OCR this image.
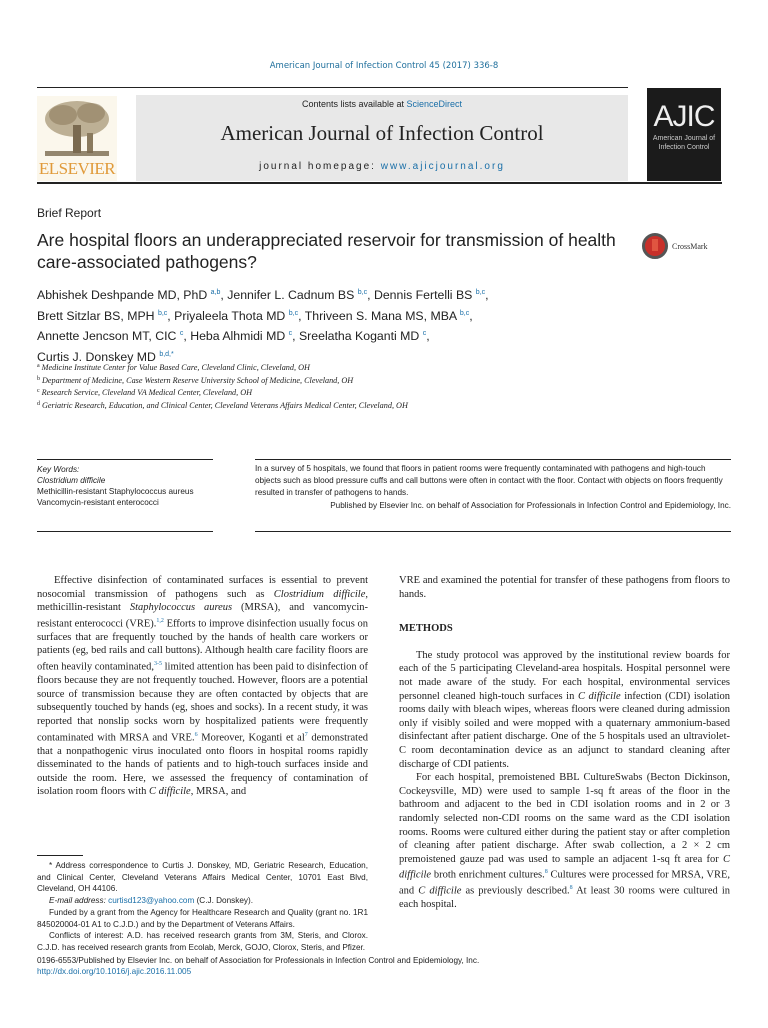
American Journal of Infection Control 45 (2017) 336-8
ELSEVIER
Contents lists available at ScienceDirect
American Journal of Infection Control
journal homepage: www.ajicjournal.org
AJIC
American Journal of
Infection Control
Brief Report
Are hospital floors an underappreciated reservoir for transmission of health care-associated pathogens?
CrossMark
Abhishek Deshpande MD, PhD $^{a,b}$, Jennifer L. Cadnum BS $^{b,c}$, Dennis Fertelli BS $^{b,c}$,
Brett Sitzlar BS, MPH $^{b,c}$, Priyaleela Thota MD $^{b,c}$, Thriveen S. Mana MS, MBA $^{b,c}$,
Annette Jencson MT, CIC $^c$, Heba Alhmidi MD $^c$, Sreelatha Koganti MD $^c$,
Curtis J. Donskey MD $^{b,d,*}$
$^a$ Medicine Institute Center for Value Based Care, Cleveland Clinic, Cleveland, OH
$^b$ Department of Medicine, Case Western Reserve University School of Medicine, Cleveland, OH
$^c$ Research Service, Cleveland VA Medical Center, Cleveland, OH
$^d$ Geriatric Research, Education, and Clinical Center, Cleveland Veterans Affairs Medical Center, Cleveland, OH
Key Words:
Clostridium difficile
Methicillin-resistant Staphylococcus aureus
Vancomycin-resistant enterococci

In a survey of 5 hospitals, we found that floors in patient rooms were frequently contaminated with pathogens and high-touch objects such as blood pressure cuffs and call buttons were often in contact with the floor. Contact with objects on floors frequently resulted in transfer of pathogens to hands.

Published by Elsevier Inc. on behalf of Association for Professionals in Infection Control and Epidemiology, Inc.

Effective disinfection of contaminated surfaces is essential to prevent nosocomial transmission of pathogens such as Clostridium difficile, methicillin-resistant Staphylococcus aureus (MRSA), and vancomycin-resistant enterococci (VRE).$^{1,2}$ Efforts to improve disinfection usually focus on surfaces that are frequently touched by the hands of health care workers or patients (eg, bed rails and call buttons). Although health care facility floors are often heavily contaminated,$^{3-5}$ limited attention has been paid to disinfection of floors because they are not frequently touched. However, floors are a potential source of transmission because they are often contacted by objects that are subsequently touched by hands (eg, shoes and socks). In a recent study, it was reported that nonslip socks worn by hospitalized patients were frequently contaminated with MRSA and VRE.$^6$ Moreover, Koganti et $al^7$ demonstrated that a nonpathogenic virus inoculated onto floors in hospital rooms rapidly disseminated to the hands of patients and to high-touch surfaces inside and outside the room. Here, we assessed the frequency of contamination of isolation room floors with C difficile, MRSA, and

* Address correspondence to Curtis J. Donskey, MD, Geriatric Research, Education, and Clinical Center, Cleveland Veterans Affairs Medical Center, 10701 East Blvd, Cleveland, OH 44106.

E-mail address: curtisd123@yahoo.com (C.J. Donskey).

Funded by a grant from the Agency for Healthcare Research and Quality (grant no. 1R1 845020004-01 A1 to C.J.D.) and by the Department of Veterans Affairs.

Conflicts of interest: A.D. has received research grants from 3M, Steris, and Clorox. C.J.D. has received research grants from Ecolab, Merck, GOJO, Clorox, Steris, and Pfizer.

VRE and examined the potential for transfer of these pathogens from floors to hands.

METHODS

The study protocol was approved by the institutional review boards for each of the 5 participating Cleveland-area hospitals. Hospital personnel were not made aware of the study. For each hospital, environmental services personnel cleaned high-touch surfaces in C difficile infection (CDI) isolation rooms daily with bleach wipes, whereas floors were cleaned during admission only if visibly soiled and were mopped with a quaternary ammonium-based disinfectant after patient discharge. One of the 5 hospitals used an ultraviolet-C room decontamination device as an adjunct to standard cleaning after discharge of CDI patients.

For each hospital, premoistened BBL CultureSwabs (Becton Dickinson, Cockeysville, MD) were used to sample 1-sq ft areas of the floor in the bathroom and adjacent to the bed in CDI isolation rooms and in 2 or 3 randomly selected non-CDI rooms on the same ward as the CDI isolation rooms. Rooms were cultured either during the patient stay or after completion of cleaning after patient discharge. After swab collection, a 2 × 2 cm premoistened gauze pad was used to sample an adjacent 1-sq ft area for C difficile broth enrichment cultures.$^8$ Cultures were processed for MRSA, VRE, and C difficile as previously described.$^8$ At least 30 rooms were cultured in each hospital.

0196-6553/Published by Elsevier Inc. on behalf of Association for Professionals in Infection Control and Epidemiology, Inc.
http://dx.doi.org/10.1016/j.ajic.2016.11.005
